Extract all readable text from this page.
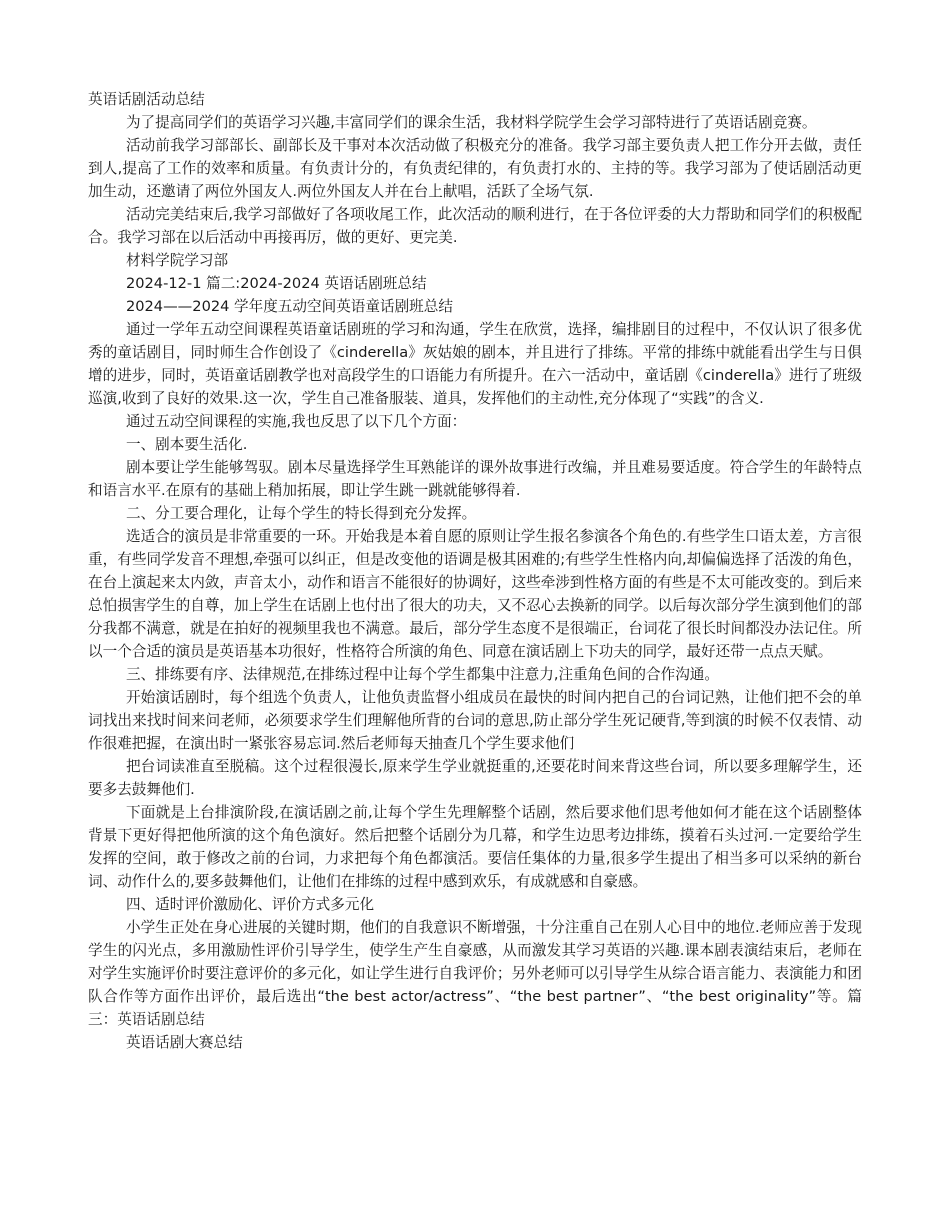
英语话剧活动总结

为了提高同学们的英语学习兴趣,丰富同学们的课余生活，我材料学院学生会学习部特进行了英语话剧竞赛。

活动前我学习部部长、副部长及干事对本次活动做了积极充分的准备。我学习部主要负责人把工作分开去做，责任到人,提高了工作的效率和质量。有负责计分的，有负责纪律的，有负责打水的、主持的等。我学习部为了使话剧活动更加生动，还邀请了两位外国友人.两位外国友人并在台上献唱，活跃了全场气氛.

活动完美结束后,我学习部做好了各项收尾工作，此次活动的顺利进行，在于各位评委的大力帮助和同学们的积极配合。我学习部在以后活动中再接再厉，做的更好、更完美.

材料学院学习部

2024-12-1 篇二:2024-2024 英语话剧班总结

2024——2024 学年度五动空间英语童话剧班总结

通过一学年五动空间课程英语童话剧班的学习和沟通，学生在欣赏，选择，编排剧目的过程中，不仅认识了很多优秀的童话剧目，同时师生合作创设了《cinderella》灰姑娘的剧本，并且进行了排练。平常的排练中就能看出学生与日俱增的进步，同时，英语童话剧教学也对高段学生的口语能力有所提升。在六一活动中，童话剧《cinderella》进行了班级巡演,收到了良好的效果.这一次，学生自己准备服装、道具，发挥他们的主动性,充分体现了“实践”的含义.

通过五动空间课程的实施,我也反思了以下几个方面：

一、剧本要生活化.

剧本要让学生能够驾驭。剧本尽量选择学生耳熟能详的课外故事进行改编，并且难易要适度。符合学生的年龄特点和语言水平.在原有的基础上稍加拓展，即让学生跳一跳就能够得着.

二、分工要合理化，让每个学生的特长得到充分发挥。

选适合的演员是非常重要的一环。开始我是本着自愿的原则让学生报名参演各个角色的.有些学生口语太差，方言很重，有些同学发音不理想,牵强可以纠正，但是改变他的语调是极其困难的;有些学生性格内向,却偏偏选择了活泼的角色，在台上演起来太内敛，声音太小，动作和语言不能很好的协调好，这些牵涉到性格方面的有些是不太可能改变的。到后来总怕损害学生的自尊，加上学生在话剧上也付出了很大的功夫，又不忍心去换新的同学。以后每次部分学生演到他们的部分我都不满意，就是在拍好的视频里我也不满意。最后，部分学生态度不是很端正，台词花了很长时间都没办法记住。所以一个合适的演员是英语基本功很好，性格符合所演的角色、同意在演话剧上下功夫的同学，最好还带一点点天赋。

三、排练要有序、法律规范,在排练过程中让每个学生都集中注意力,注重角色间的合作沟通。

开始演话剧时，每个组选个负责人，让他负责监督小组成员在最快的时间内把自己的台词记熟，让他们把不会的单词找出来找时间来问老师，必须要求学生们理解他所背的台词的意思,防止部分学生死记硬背,等到演的时候不仅表情、动作很难把握，在演出时一紧张容易忘词.然后老师每天抽查几个学生要求他们

把台词读准直至脱稿。这个过程很漫长,原来学生学业就挺重的,还要花时间来背这些台词，所以要多理解学生，还要多去鼓舞他们.

下面就是上台排演阶段,在演话剧之前,让每个学生先理解整个话剧，然后要求他们思考他如何才能在这个话剧整体背景下更好得把他所演的这个角色演好。然后把整个话剧分为几幕，和学生边思考边排练，摸着石头过河.一定要给学生发挥的空间，敢于修改之前的台词，力求把每个角色都演活。要信任集体的力量,很多学生提出了相当多可以采纳的新台词、动作什么的,要多鼓舞他们，让他们在排练的过程中感到欢乐，有成就感和自豪感。

四、适时评价激励化、评价方式多元化

小学生正处在身心进展的关键时期，他们的自我意识不断增强，十分注重自己在别人心目中的地位.老师应善于发现学生的闪光点，多用激励性评价引导学生，使学生产生自豪感，从而激发其学习英语的兴趣.课本剧表演结束后，老师在对学生实施评价时要注意评价的多元化，如让学生进行自我评价；另外老师可以引导学生从综合语言能力、表演能力和团队合作等方面作出评价，最后选出“the best actor/actress”、“the best partner”、“the best originality”等。篇三：英语话剧总结

英语话剧大赛总结
